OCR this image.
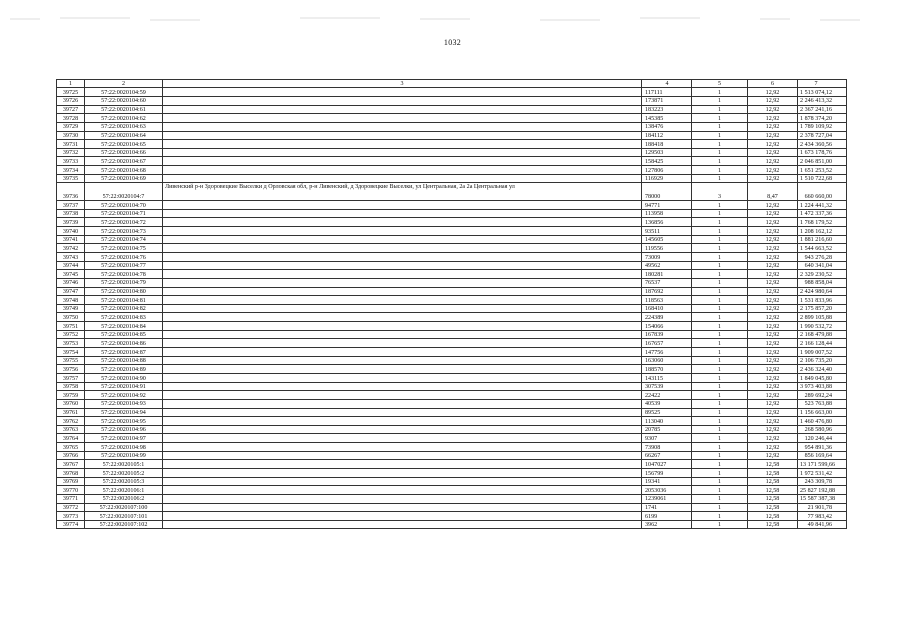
1032
1	2	3	4	5	6	7
39725	57:22:0020104:59		117111	1	12,92	1 513 074,12
39726	57:22:0020104:60		173871	1	12,92	2 246 413,32
39727	57:22:0020104:61		183223	1	12,92	2 367 241,16
39728	57:22:0020104:62		145385	1	12,92	1 878 374,20
39729	57:22:0020104:63		138476	1	12,92	1 789 109,92
39730	57:22:0020104:64		184112	1	12,92	2 378 727,04
39731	57:22:0020104:65		188418	1	12,92	2 434 360,56
39732	57:22:0020104:66		129503	1	12,92	1 673 178,76
39733	57:22:0020104:67		158425	1	12,92	2 046 851,00
39734	57:22:0020104:68		127806	1	12,92	1 651 253,52
39735	57:22:0020104:69		116929	1	12,92	1 510 722,68
39736	57:22:0020104:7	Ливенский р-н Здоровецкие Выселки д Орловская обл, р-н Ливенский, д Здоровецкие Выселки, ул Центральная, 2а 2а Центральная ул	78000	3	8,47	660 660,00
39737	57:22:0020104:70		94771	1	12,92	1 224 441,32
39738	57:22:0020104:71		113958	1	12,92	1 472 337,36
39739	57:22:0020104:72		136856	1	12,92	1 768 179,52
39740	57:22:0020104:73		93511	1	12,92	1 208 162,12
39741	57:22:0020104:74		145605	1	12,92	1 881 216,60
39742	57:22:0020104:75		119556	1	12,92	1 544 663,52
39743	57:22:0020104:76		73009	1	12,92	943 276,28
39744	57:22:0020104:77		49562	1	12,92	640 341,04
39745	57:22:0020104:78		180281	1	12,92	2 329 230,52
39746	57:22:0020104:79		76537	1	12,92	988 858,04
39747	57:22:0020104:80		187692	1	12,92	2 424 980,64
39748	57:22:0020104:81		118563	1	12,92	1 531 833,96
39749	57:22:0020104:82		168410	1	12,92	2 175 857,20
39750	57:22:0020104:83		224389	1	12,92	2 899 105,88
39751	57:22:0020104:84		154066	1	12,92	1 990 532,72
39752	57:22:0020104:85		167839	1	12,92	2 168 479,88
39753	57:22:0020104:86		167657	1	12,92	2 166 128,44
39754	57:22:0020104:87		147756	1	12,92	1 909 007,52
39755	57:22:0020104:88		163060	1	12,92	2 106 735,20
39756	57:22:0020104:89		188570	1	12,92	2 436 324,40
39757	57:22:0020104:90		143115	1	12,92	1 849 045,80
39758	57:22:0020104:91		307539	1	12,92	3 973 403,88
39759	57:22:0020104:92		22422	1	12,92	289 692,24
39760	57:22:0020104:93		40539	1	12,92	523 763,88
39761	57:22:0020104:94		89525	1	12,92	1 156 663,00
39762	57:22:0020104:95		113040	1	12,92	1 460 476,80
39763	57:22:0020104:96		20785	1	12,92	268 580,96
39764	57:22:0020104:97		9307	1	12,92	120 246,44
39765	57:22:0020104:98		73908	1	12,92	954 891,36
39766	57:22:0020104:99		66267	1	12,92	856 169,64
39767	57:22:0020105:1		1047027	1	12,58	13 171 599,66
39768	57:22:0020105:2		156799	1	12,58	1 972 531,42
39769	57:22:0020105:3		19341	1	12,58	243 309,78
39770	57:22:0020106:1		2053036	1	12,58	25 827 192,88
39771	57:22:0020106:2		1239061	1	12,58	15 587 387,38
39772	57:22:0020107:100		1741	1	12,58	21 901,78
39773	57:22:0020107:101		6199	1	12,58	77 983,42
39774	57:22:0020107:102		3962	1	12,58	49 841,96
